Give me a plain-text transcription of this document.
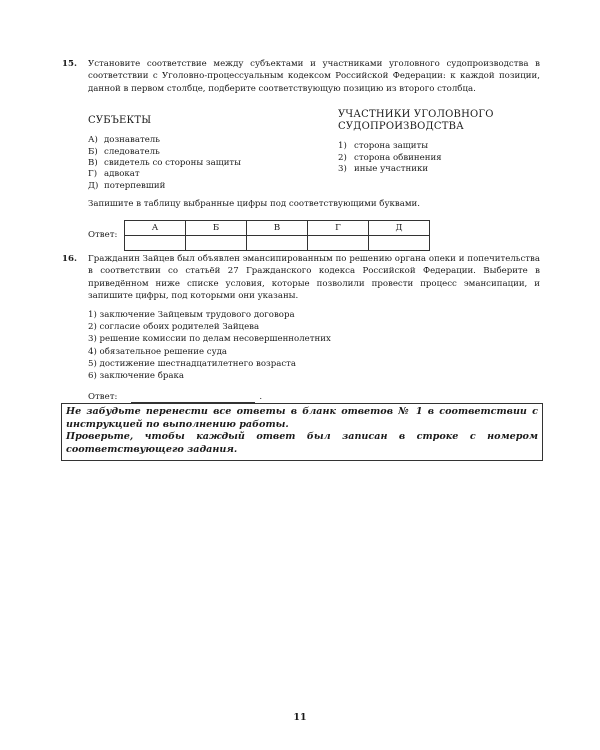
15. Установите соответствие между субъектами и участниками уголовного судопроизводства в соответствии с Уголовно-процессуальным кодексом Российской Федерации: к каждой позиции, данной в первом столбце, подберите соответствующую позицию из второго столбца.
СУБЪЕКТЫ
А) дознаватель
Б) следователь
В) свидетель со стороны защиты
Г) адвокат
Д) потерпевший
УЧАСТНИКИ УГОЛОВНОГО
СУДОПРОИЗВОДСТВА
1) сторона защиты
2) сторона обвинения
3) иные участники
Запишите в таблицу выбранные цифры под соответствующими буквами.
Ответ:
А	Б	В	Г	Д

16. Гражданин Зайцев был объявлен эмансипированным по решению органа опеки и попечительства в соответствии со статьёй 27 Гражданского кодекса Российской Федерации. Выберите в приведённом ниже списке условия, которые позволили провести процесс эмансипации, и запишите цифры, под которыми они указаны.
1) заключение Зайцевым трудового договора
2) согласие обоих родителей Зайцева
3) решение комиссии по делам несовершеннолетних
4) обязательное решение суда
5) достижение шестнадцатилетнего возраста
6) заключение брака
Ответ:	.
Не забудьте перенести все ответы в бланк ответов № 1 в соответствии с инструкцией по выполнению работы.
Проверьте, чтобы каждый ответ был записан в строке с номером соответствующего задания.
11
